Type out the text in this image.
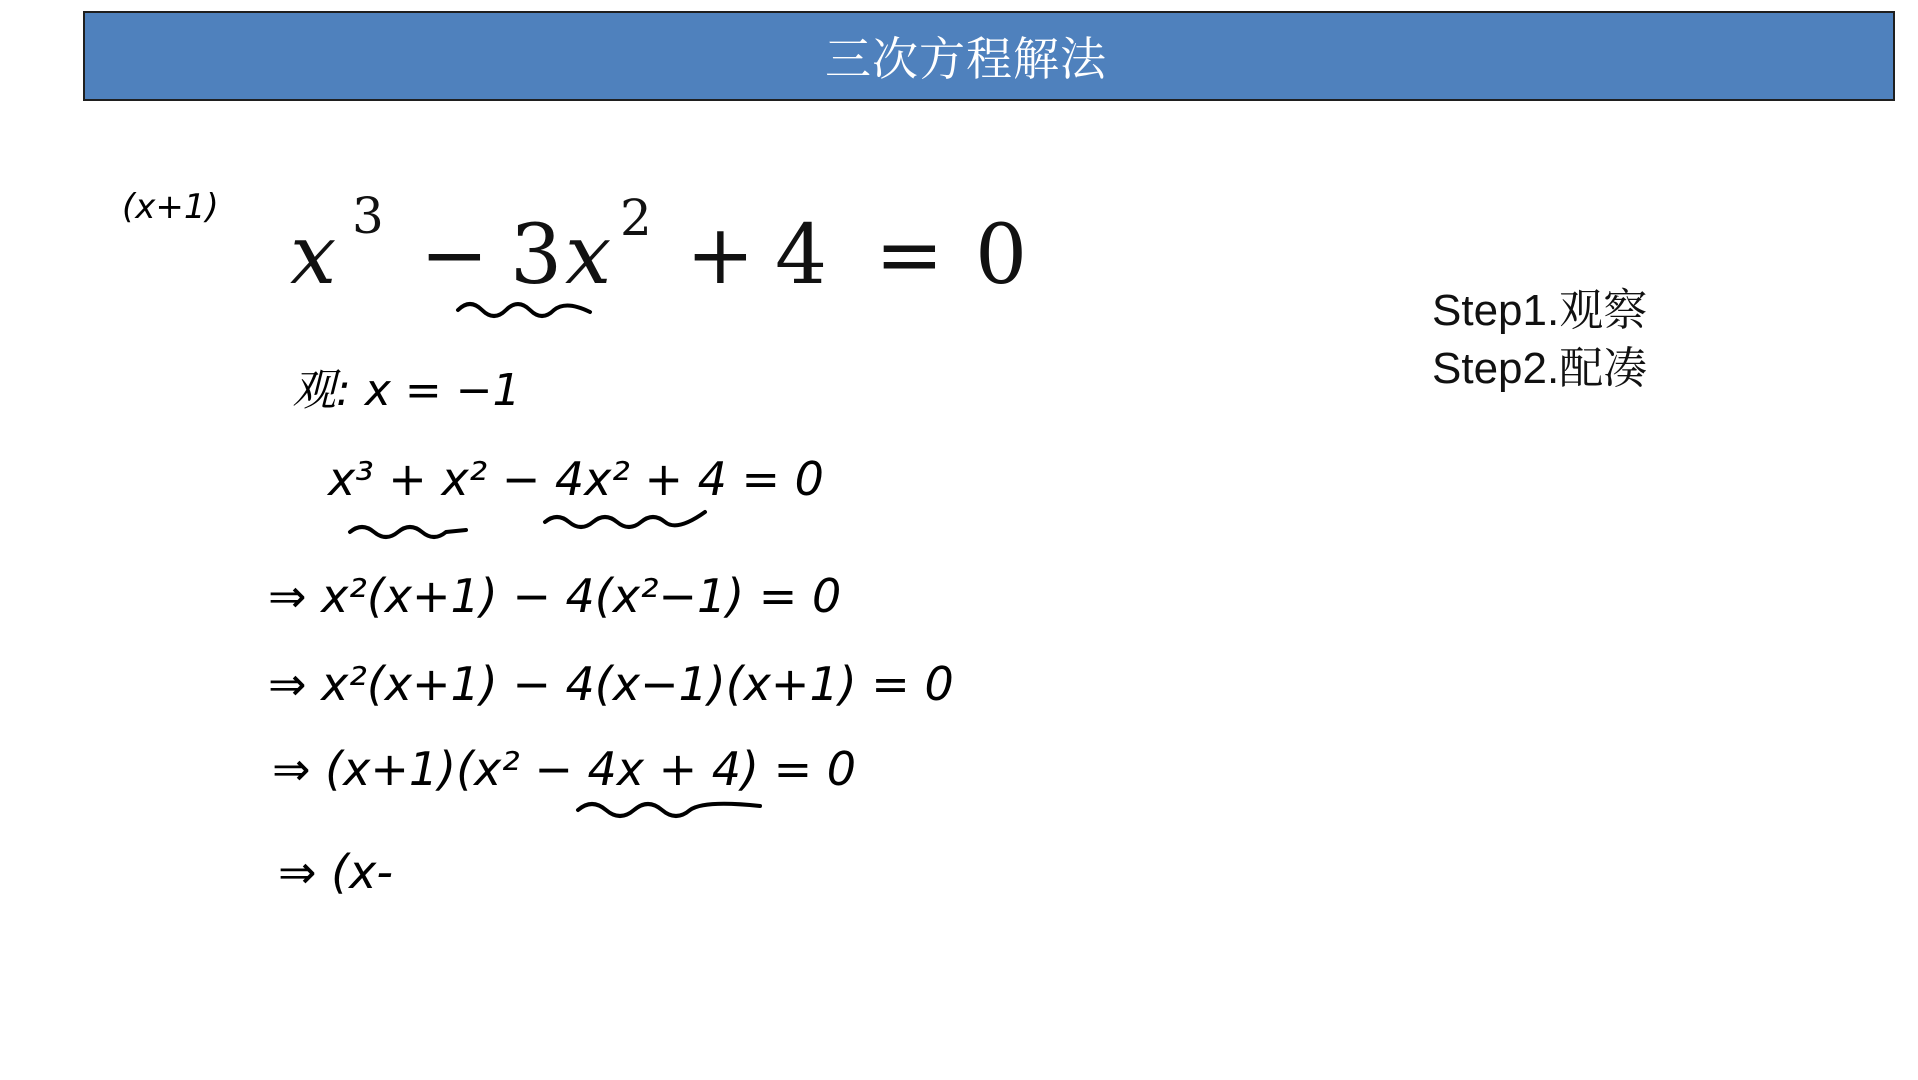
三次方程解法
x 3 − 3 x 2 + 4 = 0
Step1.观察
Step2.配凑
(x+1)
观: x = −1
x³ + x² − 4x² + 4 = 0
⇒ x²(x+1) − 4(x²−1) = 0
⇒ x²(x+1) − 4(x−1)(x+1) = 0
⇒ (x+1)(x² − 4x + 4) = 0
⇒ (x-
